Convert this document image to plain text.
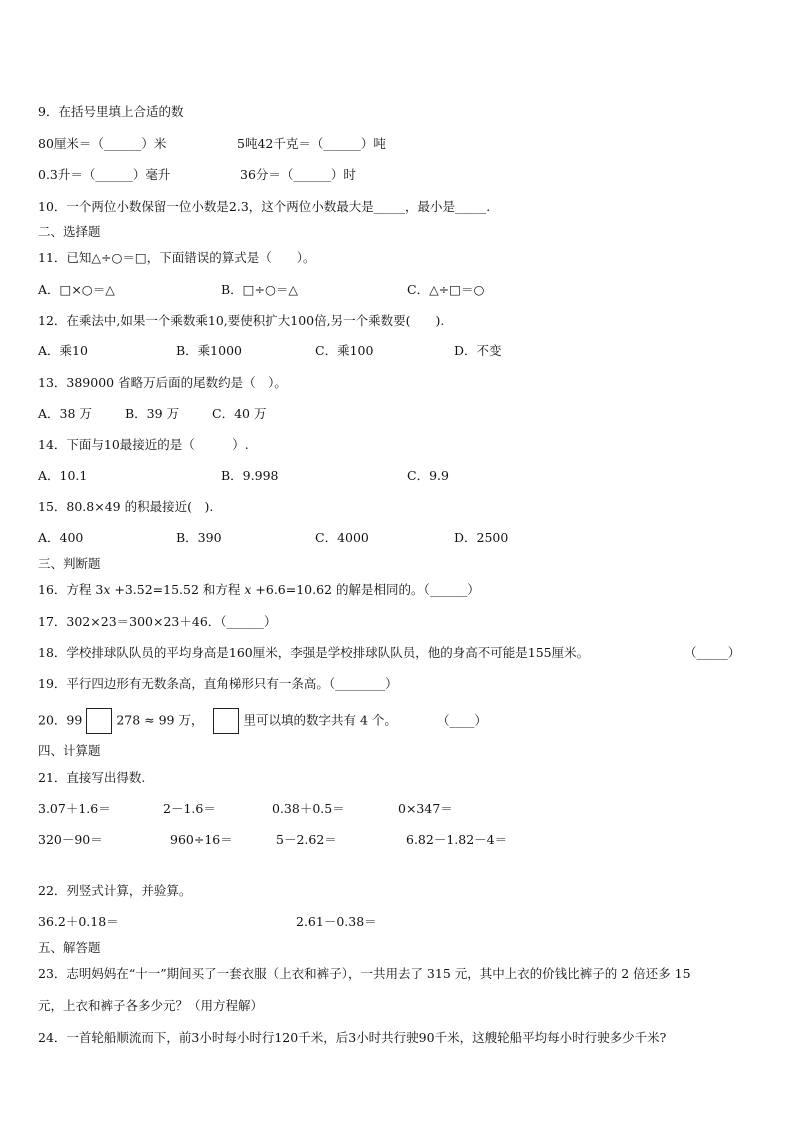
9．在括号里填上合适的数
80厘米＝（______）米	5吨42千克＝（______）吨
0.3升＝（______）毫升	36分＝（______）时
10．一个两位小数保留一位小数是2.3，这个两位小数最大是_____，最小是_____.
二、选择题
11．已知△÷○＝□，下面错误的算式是（　　）。
A．□×○＝△	B．□÷○＝△	C．△÷□＝○
12．在乘法中,如果一个乘数乘10,要使积扩大100倍,另一个乘数要(　　).
A．乘10	B．乘1000	C．乘100	D．不变
13．389000 省略万后面的尾数约是（　）。
A．38 万	B．39 万	C．40 万
14．下面与10最接近的是（　　　）.
A．10.1	B．9.998	C．9.9
15．80.8×49 的积最接近(　).
A．400	B．390	C．4000	D．2500
三、判断题
16．方程 3𝑥 +3.52=15.52 和方程 𝑥 +6.6=10.62 的解是相同的。（______）
17．302×23＝300×23＋46．（______）
18．学校排球队队员的平均身高是160厘米，李强是学校排球队队员，他的身高不可能是155厘米。	（_____）
19．平行四边形有无数条高，直角梯形只有一条高。（________）
20．99	278 ≈ 99 万，	里可以填的数字共有 4 个。	（____）
四、计算题
21．直接写出得数.
3.07＋1.6＝	2－1.6＝	0.38＋0.5＝	0×347＝
320－90＝	960÷16＝	5－2.62＝	6.82－1.82－4＝
22．列竖式计算，并验算。
36.2＋0.18＝	2.61－0.38＝
五、解答题
23．志明妈妈在“十一”期间买了一套衣服（上衣和裤子），一共用去了 315 元，其中上衣的价钱比裤子的 2 倍还多 15
元，上衣和裤子各多少元？（用方程解）
24．一首轮船顺流而下，前3小时每小时行120千米，后3小时共行驶90千米，这艘轮船平均每小时行驶多少千米?
